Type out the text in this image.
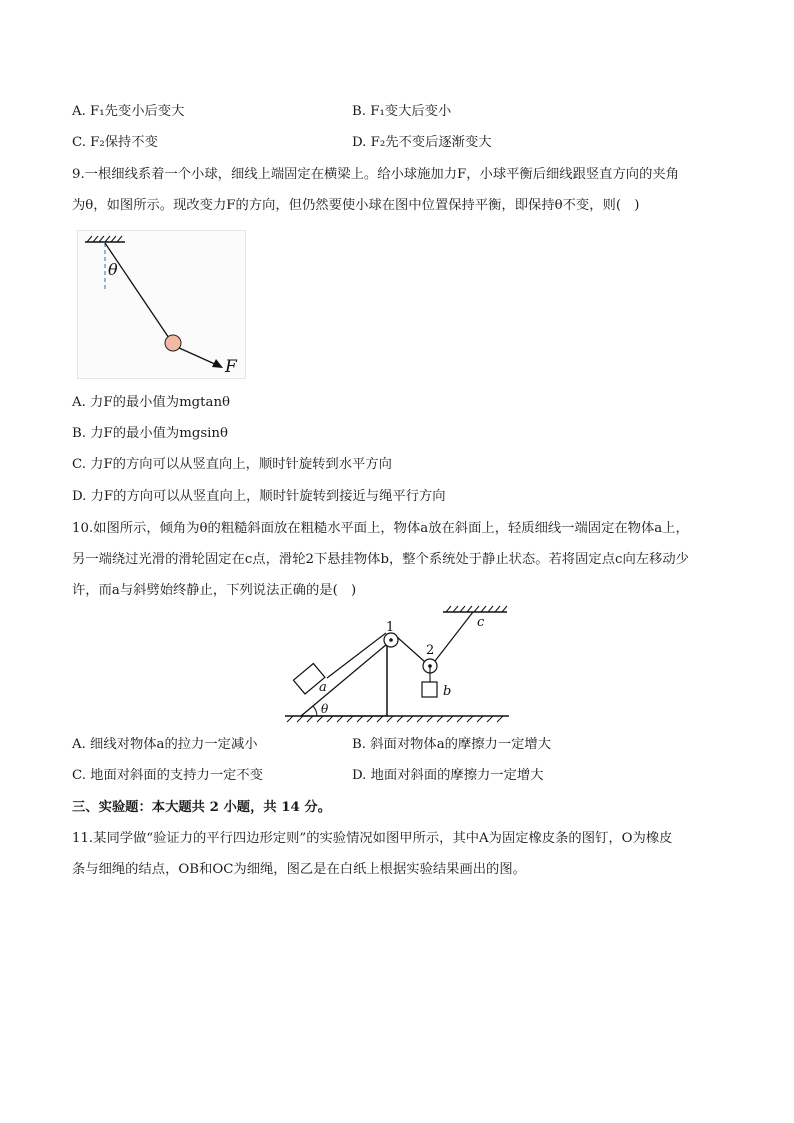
A. F₁先变小后变大	B. F₁变大后变小
C. F₂保持不变	D. F₂先不变后逐渐变大
9.一根细线系着一个小球，细线上端固定在横梁上。给小球施加力F，小球平衡后细线跟竖直方向的夹角
为θ，如图所示。现改变力F的方向，但仍然要使小球在图中位置保持平衡，即保持θ不变，则(　)
θ
F
A. 力F的最小值为mgtanθ
B. 力F的最小值为mgsinθ
C. 力F的方向可以从竖直向上，顺时针旋转到水平方向
D. 力F的方向可以从竖直向上，顺时针旋转到接近与绳平行方向
10.如图所示，倾角为θ的粗糙斜面放在粗糙水平面上，物体a放在斜面上，轻质细线一端固定在物体a上，
另一端绕过光滑的滑轮固定在c点，滑轮2下悬挂物体b，整个系统处于静止状态。若将固定点c向左移动少
许，而a与斜劈始终静止，下列说法正确的是(　)
1
2
c
a	b
θ
A. 细线对物体a的拉力一定减小	B. 斜面对物体a的摩擦力一定增大
C. 地面对斜面的支持力一定不变	D. 地面对斜面的摩擦力一定增大
三、实验题：本大题共 2 小题，共 14 分。
11.某同学做“验证力的平行四边形定则”的实验情况如图甲所示，其中A为固定橡皮条的图钉，O为橡皮
条与细绳的结点，OB和OC为细绳，图乙是在白纸上根据实验结果画出的图。
